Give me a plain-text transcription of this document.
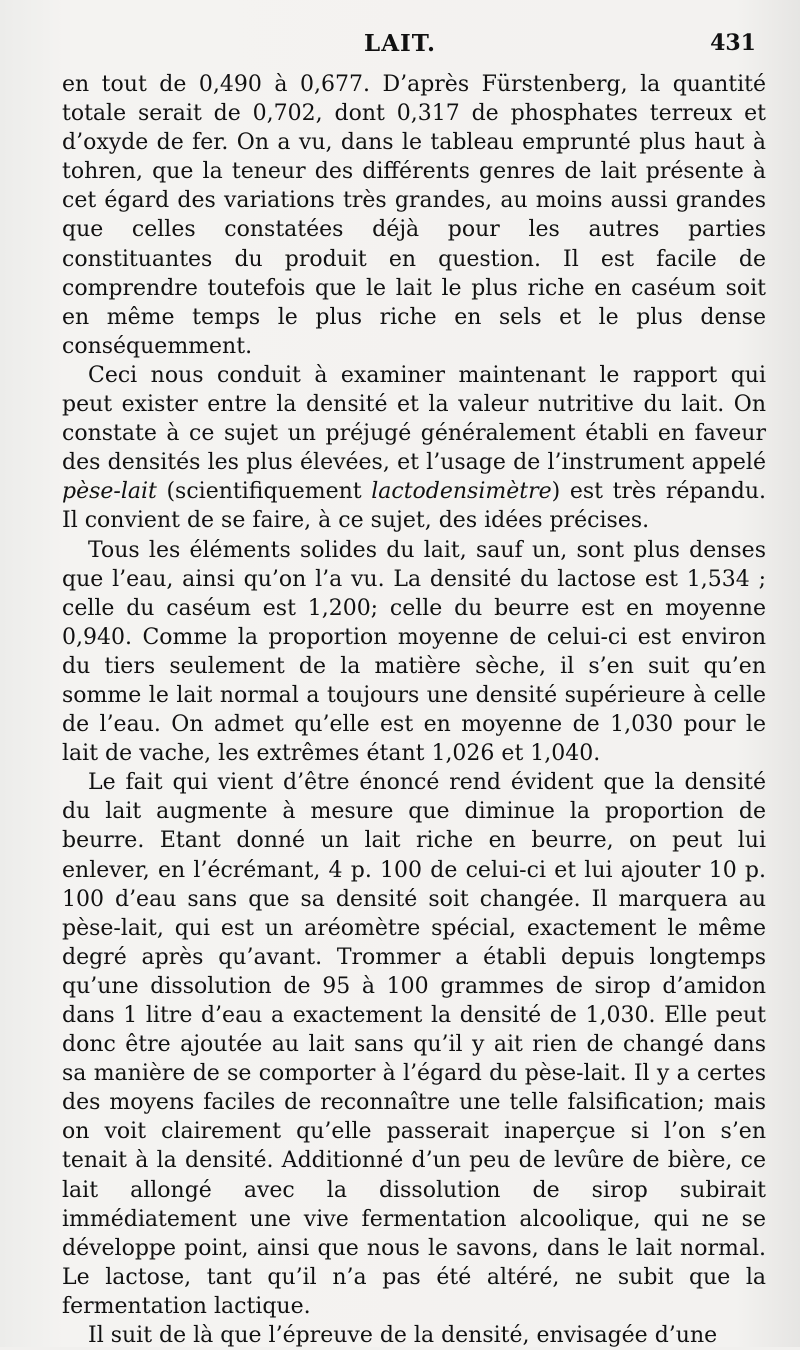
LAIT.	431

en tout de 0,490 à 0,677. D’après Fürstenberg, la quantité totale serait de 0,702, dont 0,317 de phosphates terreux et d’oxyde de fer. On a vu, dans le tableau emprunté plus haut à tohren, que la teneur des différents genres de lait présente à cet égard des variations très grandes, au moins aussi grandes que celles constatées déjà pour les autres parties constituantes du produit en question. Il est facile de comprendre toutefois que le lait le plus riche en caséum soit en même temps le plus riche en sels et le plus dense conséquemment.

Ceci nous conduit à examiner maintenant le rapport qui peut exister entre la densité et la valeur nutritive du lait. On constate à ce sujet un préjugé généralement établi en faveur des densités les plus élevées, et l’usage de l’instrument appelé pèse-lait (scientifiquement lactodensimètre) est très répandu. Il convient de se faire, à ce sujet, des idées précises.

Tous les éléments solides du lait, sauf un, sont plus denses que l’eau, ainsi qu’on l’a vu. La densité du lactose est 1,534 ; celle du caséum est 1,200; celle du beurre est en moyenne 0,940. Comme la proportion moyenne de celui-ci est environ du tiers seulement de la matière sèche, il s’en suit qu’en somme le lait normal a toujours une densité supérieure à celle de l’eau. On admet qu’elle est en moyenne de 1,030 pour le lait de vache, les extrêmes étant 1,026 et 1,040.

Le fait qui vient d’être énoncé rend évident que la densité du lait augmente à mesure que diminue la proportion de beurre. Etant donné un lait riche en beurre, on peut lui enlever, en l’écrémant, 4 p. 100 de celui-ci et lui ajouter 10 p. 100 d’eau sans que sa densité soit changée. Il marquera au pèse-lait, qui est un aréomètre spécial, exactement le même degré après qu’avant. Trommer a établi depuis longtemps qu’une dissolution de 95 à 100 grammes de sirop d’amidon dans 1 litre d’eau a exactement la densité de 1,030. Elle peut donc être ajoutée au lait sans qu’il y ait rien de changé dans sa manière de se comporter à l’égard du pèse-lait. Il y a certes des moyens faciles de reconnaître une telle falsification; mais on voit clairement qu’elle passerait inaperçue si l’on s’en tenait à la densité. Additionné d’un peu de levûre de bière, ce lait allongé avec la dissolution de sirop subirait immédiatement une vive fermentation alcoolique, qui ne se développe point, ainsi que nous le savons, dans le lait normal. Le lactose, tant qu’il n’a pas été altéré, ne subit que la fermentation lactique.

Il suit de là que l’épreuve de la densité, envisagée d’une
